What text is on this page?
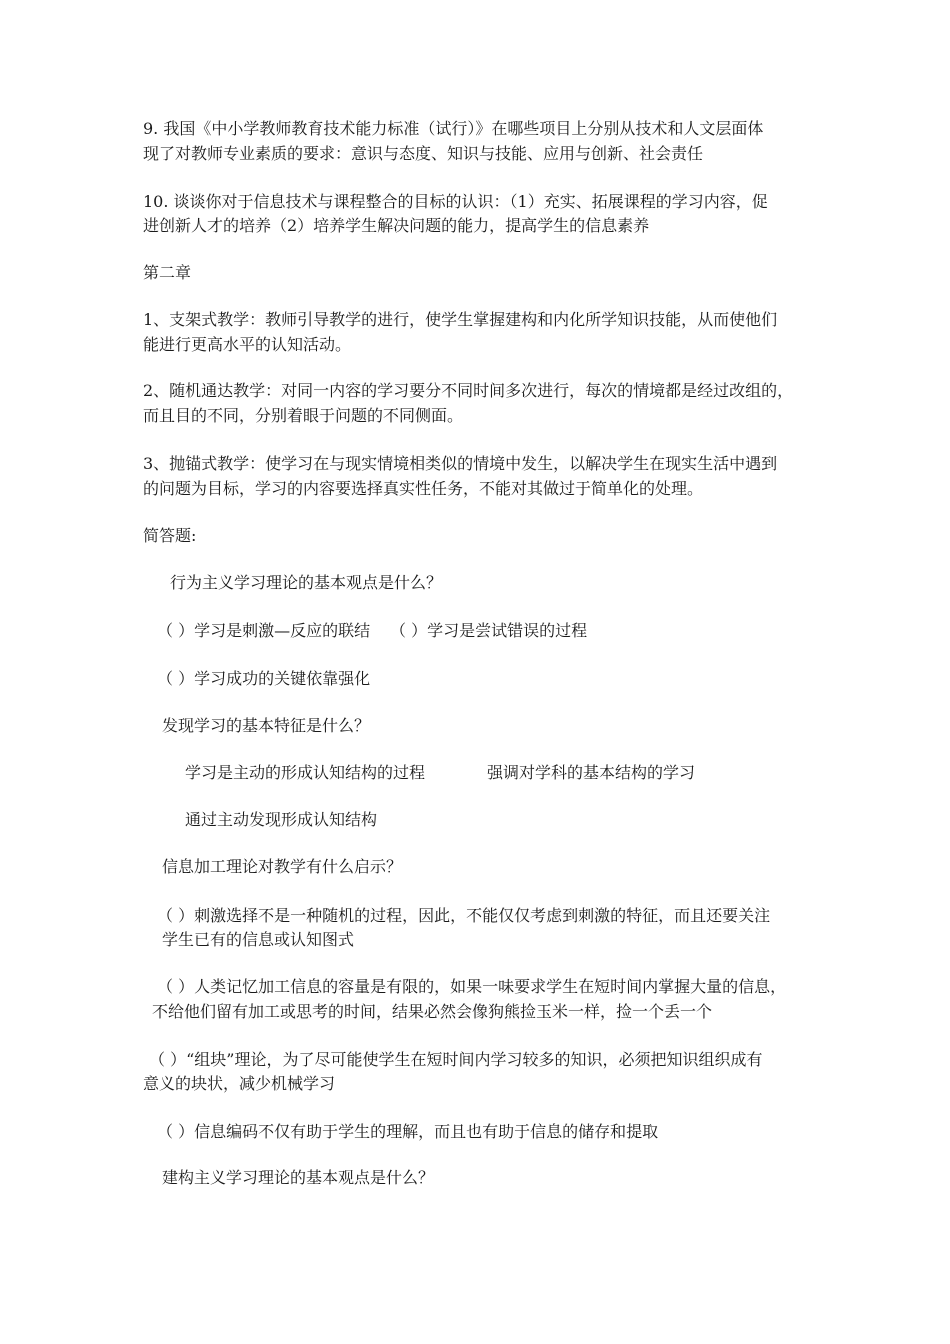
9. 我国《中小学教师教育技术能力标准（试行）》在哪些项目上分别从技术和人文层面体
现了对教师专业素质的要求：意识与态度、知识与技能、应用与创新、社会责任
10. 谈谈你对于信息技术与课程整合的目标的认识：（1）充实、拓展课程的学习内容，促
进创新人才的培养（2）培养学生解决问题的能力，提高学生的信息素养
第二章
1、支架式教学：教师引导教学的进行，使学生掌握建构和内化所学知识技能，从而使他们
能进行更高水平的认知活动。
2、随机通达教学：对同一内容的学习要分不同时间多次进行，每次的情境都是经过改组的，
而且目的不同，分别着眼于问题的不同侧面。
3、抛锚式教学：使学习在与现实情境相类似的情境中发生，以解决学生在现实生活中遇到
的问题为目标，学习的内容要选择真实性任务，不能对其做过于简单化的处理。
简答题:
行为主义学习理论的基本观点是什么？
（ ）学习是刺激—反应的联结 （ ）学习是尝试错误的过程
（ ）学习成功的关键依靠强化
发现学习的基本特征是什么？
学习是主动的形成认知结构的过程	强调对学科的基本结构的学习
通过主动发现形成认知结构
信息加工理论对教学有什么启示？
（ ）刺激选择不是一种随机的过程，因此，不能仅仅考虑到刺激的特征，而且还要关注
学生已有的信息或认知图式
（ ）人类记忆加工信息的容量是有限的，如果一味要求学生在短时间内掌握大量的信息，
不给他们留有加工或思考的时间，结果必然会像狗熊捡玉米一样，捡一个丢一个
（ ）“组块”理论，为了尽可能使学生在短时间内学习较多的知识，必须把知识组织成有
意义的块状，减少机械学习
（ ）信息编码不仅有助于学生的理解，而且也有助于信息的储存和提取
建构主义学习理论的基本观点是什么？
